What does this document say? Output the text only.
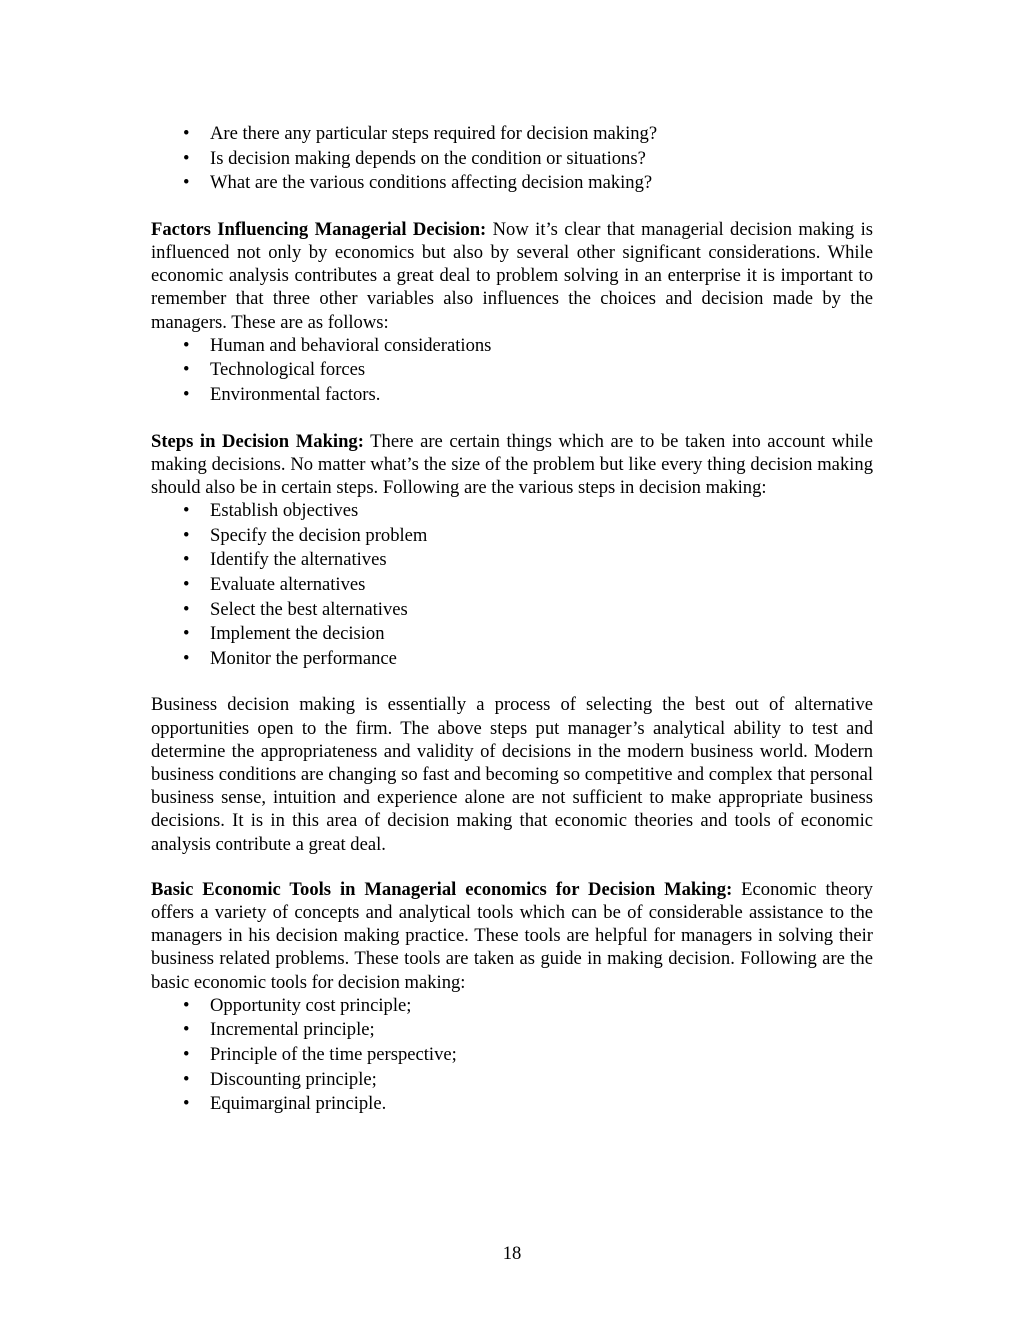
• Are there any particular steps required for decision making?
• Is decision making depends on the condition or situations?
• What are the various conditions affecting decision making?

Factors Influencing Managerial Decision: Now it’s clear that managerial decision making is influenced not only by economics but also by several other significant considerations. While economic analysis contributes a great deal to problem solving in an enterprise it is important to remember that three other variables also influences the choices and decision made by the managers. These are as follows:

• Human and behavioral considerations
• Technological forces
• Environmental factors.

Steps in Decision Making: There are certain things which are to be taken into account while making decisions. No matter what’s the size of the problem but like every thing decision making should also be in certain steps. Following are the various steps in decision making:

• Establish objectives
• Specify the decision problem
• Identify the alternatives
• Evaluate alternatives
• Select the best alternatives
• Implement the decision
• Monitor the performance

Business decision making is essentially a process of selecting the best out of alternative opportunities open to the firm. The above steps put manager’s analytical ability to test and determine the appropriateness and validity of decisions in the modern business world. Modern business conditions are changing so fast and becoming so competitive and complex that personal business sense, intuition and experience alone are not sufficient to make appropriate business decisions. It is in this area of decision making that economic theories and tools of economic analysis contribute a great deal.

Basic Economic Tools in Managerial economics for Decision Making: Economic theory offers a variety of concepts and analytical tools which can be of considerable assistance to the managers in his decision making practice. These tools are helpful for managers in solving their business related problems. These tools are taken as guide in making decision. Following are the basic economic tools for decision making:

• Opportunity cost principle;
• Incremental principle;
• Principle of the time perspective;
• Discounting principle;
• Equimarginal principle.
18
